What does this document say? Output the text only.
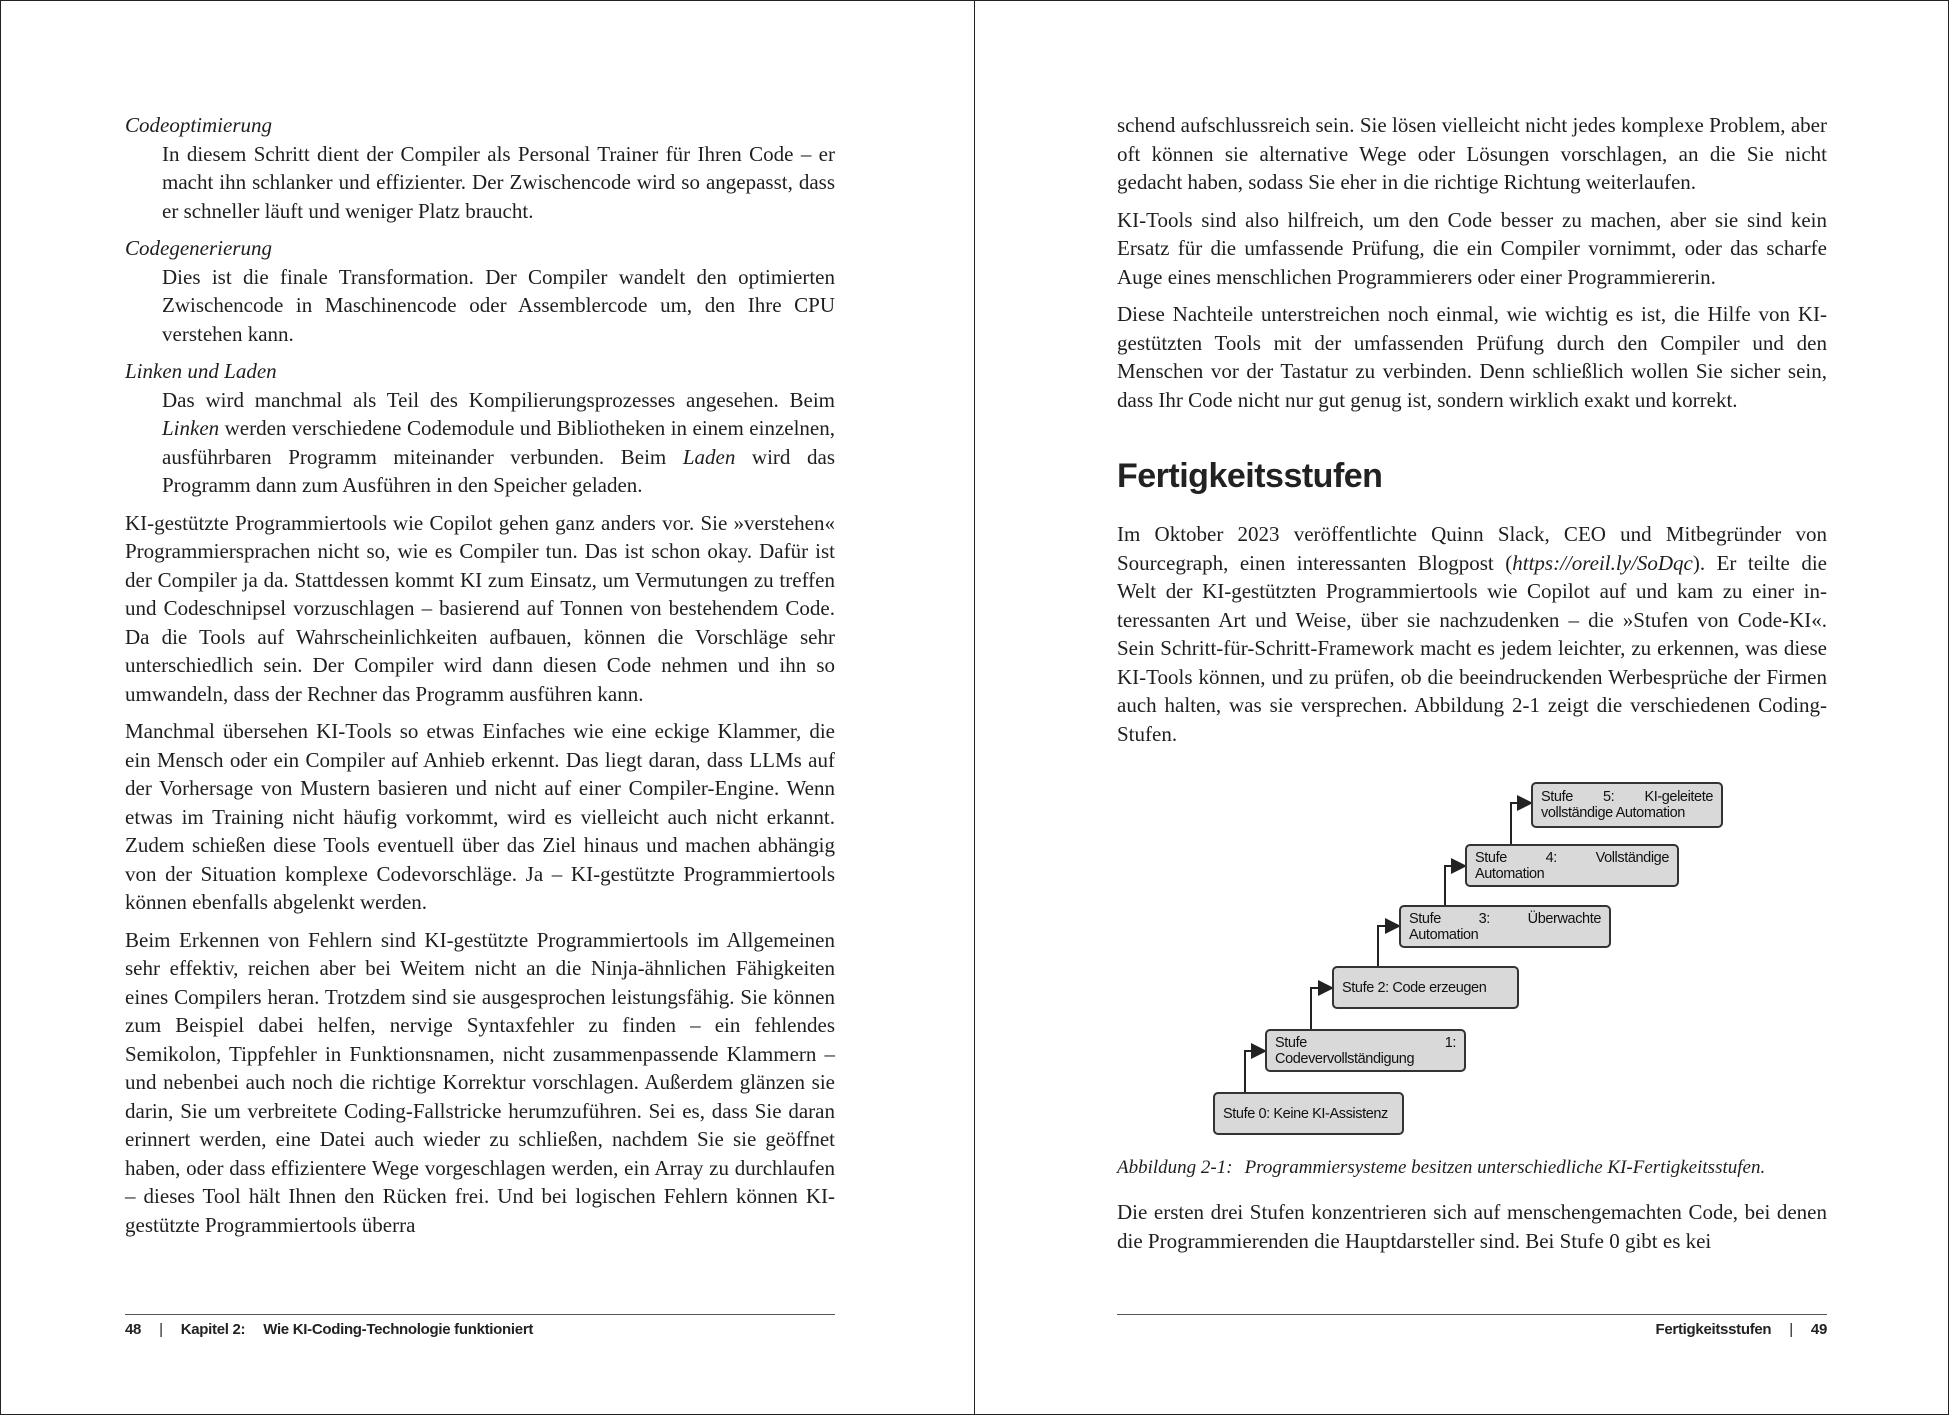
Codeoptimierung

In diesem Schritt dient der Compiler als Personal Trainer für Ihren Code – er macht ihn schlanker und effizienter. Der Zwischencode wird so angepasst, dass er schneller läuft und weniger Platz braucht.

Codegenerierung

Dies ist die finale Transformation. Der Compiler wandelt den optimierten Zwischencode in Maschinencode oder Assemblercode um, den Ihre CPU verstehen kann.

Linken und Laden

Das wird manchmal als Teil des Kompilierungsprozesses angesehen. Beim Linken werden verschiedene Codemodule und Bibliotheken in einem einzelnen, ausführbaren Programm miteinander verbunden. Beim Laden wird das Programm dann zum Ausführen in den Speicher geladen.

KI-gestützte Programmiertools wie Copilot gehen ganz anders vor. Sie »verstehen« Programmiersprachen nicht so, wie es Compiler tun. Das ist schon okay. Dafür ist der Compiler ja da. Stattdessen kommt KI zum Einsatz, um Vermutungen zu treffen und Codeschnipsel vorzuschlagen – basierend auf Tonnen von bestehendem Code. Da die Tools auf Wahrscheinlichkeiten aufbauen, können die Vorschläge sehr unterschiedlich sein. Der Compiler wird dann diesen Code nehmen und ihn so umwandeln, dass der Rechner das Programm ausführen kann.

Manchmal übersehen KI-Tools so etwas Einfaches wie eine eckige Klammer, die ein Mensch oder ein Compiler auf Anhieb erkennt. Das liegt daran, dass LLMs auf der Vorhersage von Mustern basieren und nicht auf einer Compiler-Engine. Wenn etwas im Training nicht häufig vorkommt, wird es vielleicht auch nicht erkannt. Zudem schießen diese Tools eventuell über das Ziel hinaus und machen abhängig von der Situation komplexe Codevorschläge. Ja – KI-gestützte Programmiertools können ebenfalls abgelenkt werden.

Beim Erkennen von Fehlern sind KI-gestützte Programmiertools im Allgemeinen sehr effektiv, reichen aber bei Weitem nicht an die Ninja-ähnlichen Fähigkeiten eines Compilers heran. Trotzdem sind sie ausgesprochen leistungsfähig. Sie können zum Beispiel dabei helfen, nervige Syntaxfehler zu finden – ein fehlendes Semikolon, Tippfehler in Funktionsnamen, nicht zusammenpassende Klammern – und nebenbei auch noch die richtige Korrektur vorschlagen. Außerdem glänzen sie darin, Sie um verbreitete Coding-Fallstricke herumzuführen. Sei es, dass Sie daran erinnert werden, eine Datei auch wieder zu schließen, nachdem Sie sie geöffnet haben, oder dass effizientere Wege vorgeschlagen werden, ein Array zu durchlaufen – dieses Tool hält Ihnen den Rücken frei. Und bei logischen Fehlern können KI-gestützte Programmiertools überra

48 | Kapitel 2: Wie KI-Coding-Technologie funktioniert

schend aufschlussreich sein. Sie lösen vielleicht nicht jedes komplexe Problem, aber oft können sie alternative Wege oder Lösungen vorschlagen, an die Sie nicht gedacht haben, sodass Sie eher in die richtige Richtung weiterlaufen.

KI-Tools sind also hilfreich, um den Code besser zu machen, aber sie sind kein Ersatz für die umfassende Prüfung, die ein Compiler vornimmt, oder das scharfe Auge eines menschlichen Programmierers oder einer Programmiererin.

Diese Nachteile unterstreichen noch einmal, wie wichtig es ist, die Hilfe von KI-gestützten Tools mit der umfassenden Prüfung durch den Compiler und den Menschen vor der Tastatur zu verbinden. Denn schließlich wollen Sie sicher sein, dass Ihr Code nicht nur gut genug ist, sondern wirklich exakt und korrekt.

Fertigkeitsstufen

Im Oktober 2023 veröffentlichte Quinn Slack, CEO und Mitbegründer von Sourcegraph, einen interessanten Blogpost (https://oreil.ly/SoDqc). Er teilte die Welt der KI-gestützten Programmiertools wie Copilot auf und kam zu einer interessanten Art und Weise, über sie nachzudenken – die »Stufen von Code-KI«. Sein Schritt-für-Schritt-Framework macht es jedem leichter, zu erkennen, was diese KI-Tools können, und zu prüfen, ob die beeindruckenden Werbesprüche der Firmen auch halten, was sie versprechen. Abbildung 2-1 zeigt die verschiedenen Coding-Stufen.

Stufe 0: Keine KI-Assistenz
Stufe 1: Codevervollständigung
Stufe 2: Code erzeugen
Stufe 3: Überwachte Automation
Stufe 4: Vollständige Automation
Stufe 5: KI-geleitete vollständige Automation

Abbildung 2-1: Programmiersysteme besitzen unterschiedliche KI-Fertigkeitsstufen.

Die ersten drei Stufen konzentrieren sich auf menschengemachten Code, bei denen die Programmierenden die Hauptdarsteller sind. Bei Stufe 0 gibt es kei

Fertigkeitsstufen | 49
